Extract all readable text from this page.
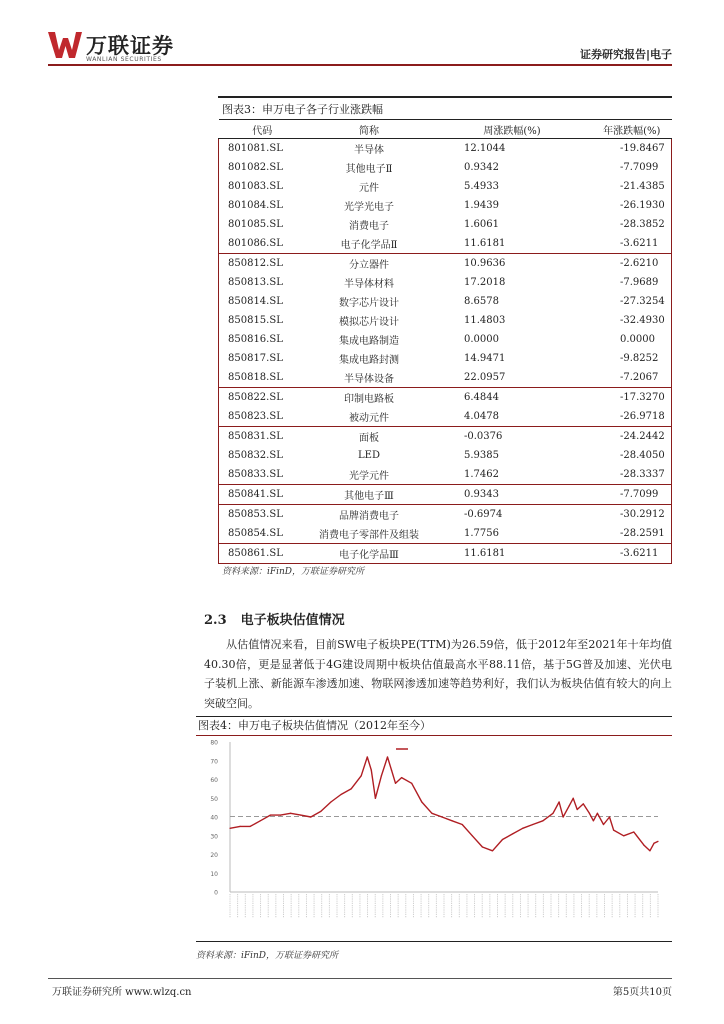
万联证券
WANLIAN SECURITIES	证券研究报告|电子
图表3：申万电子各子行业涨跌幅
代码	简称	周涨跌幅(%)	年涨跌幅(%)
801081.SL	半导体	12.1044	-19.8467
801082.SL	其他电子Ⅱ	0.9342	-7.7099
801083.SL	元件	5.4933	-21.4385
801084.SL	光学光电子	1.9439	-26.1930
801085.SL	消费电子	1.6061	-28.3852
801086.SL	电子化学品Ⅱ	11.6181	-3.6211
850812.SL	分立器件	10.9636	-2.6210
850813.SL	半导体材料	17.2018	-7.9689
850814.SL	数字芯片设计	8.6578	-27.3254
850815.SL	模拟芯片设计	11.4803	-32.4930
850816.SL	集成电路制造	0.0000	0.0000
850817.SL	集成电路封测	14.9471	-9.8252
850818.SL	半导体设备	22.0957	-7.2067
850822.SL	印制电路板	6.4844	-17.3270
850823.SL	被动元件	4.0478	-26.9718
850831.SL	面板	-0.0376	-24.2442
850832.SL	LED	5.9385	-28.4050
850833.SL	光学元件	1.7462	-28.3337
850841.SL	其他电子Ⅲ	0.9343	-7.7099
850853.SL	品牌消费电子	-0.6974	-30.2912
850854.SL	消费电子零部件及组装	1.7756	-28.2591
850861.SL	电子化学品Ⅲ	11.6181	-3.6211
资料来源：iFinD，万联证券研究所
2.3 电子板块估值情况

从估值情况来看，目前SW电子板块PE(TTM)为26.59倍，低于2012年至2021年十年均值40.30倍，更是显著低于4G建设周期中板块估值最高水平88.11倍，基于5G普及加速、光伏电子装机上涨、新能源车渗透加速、物联网渗透加速等趋势利好，我们认为板块估值有较大的向上突破空间。

图表4：申万电子板块估值情况（2012年至今）
0
10
20
30
40
50
60
70
80
资料来源：iFinD，万联证券研究所
万联证券研究所 www.wlzq.cn	第5页共10页
